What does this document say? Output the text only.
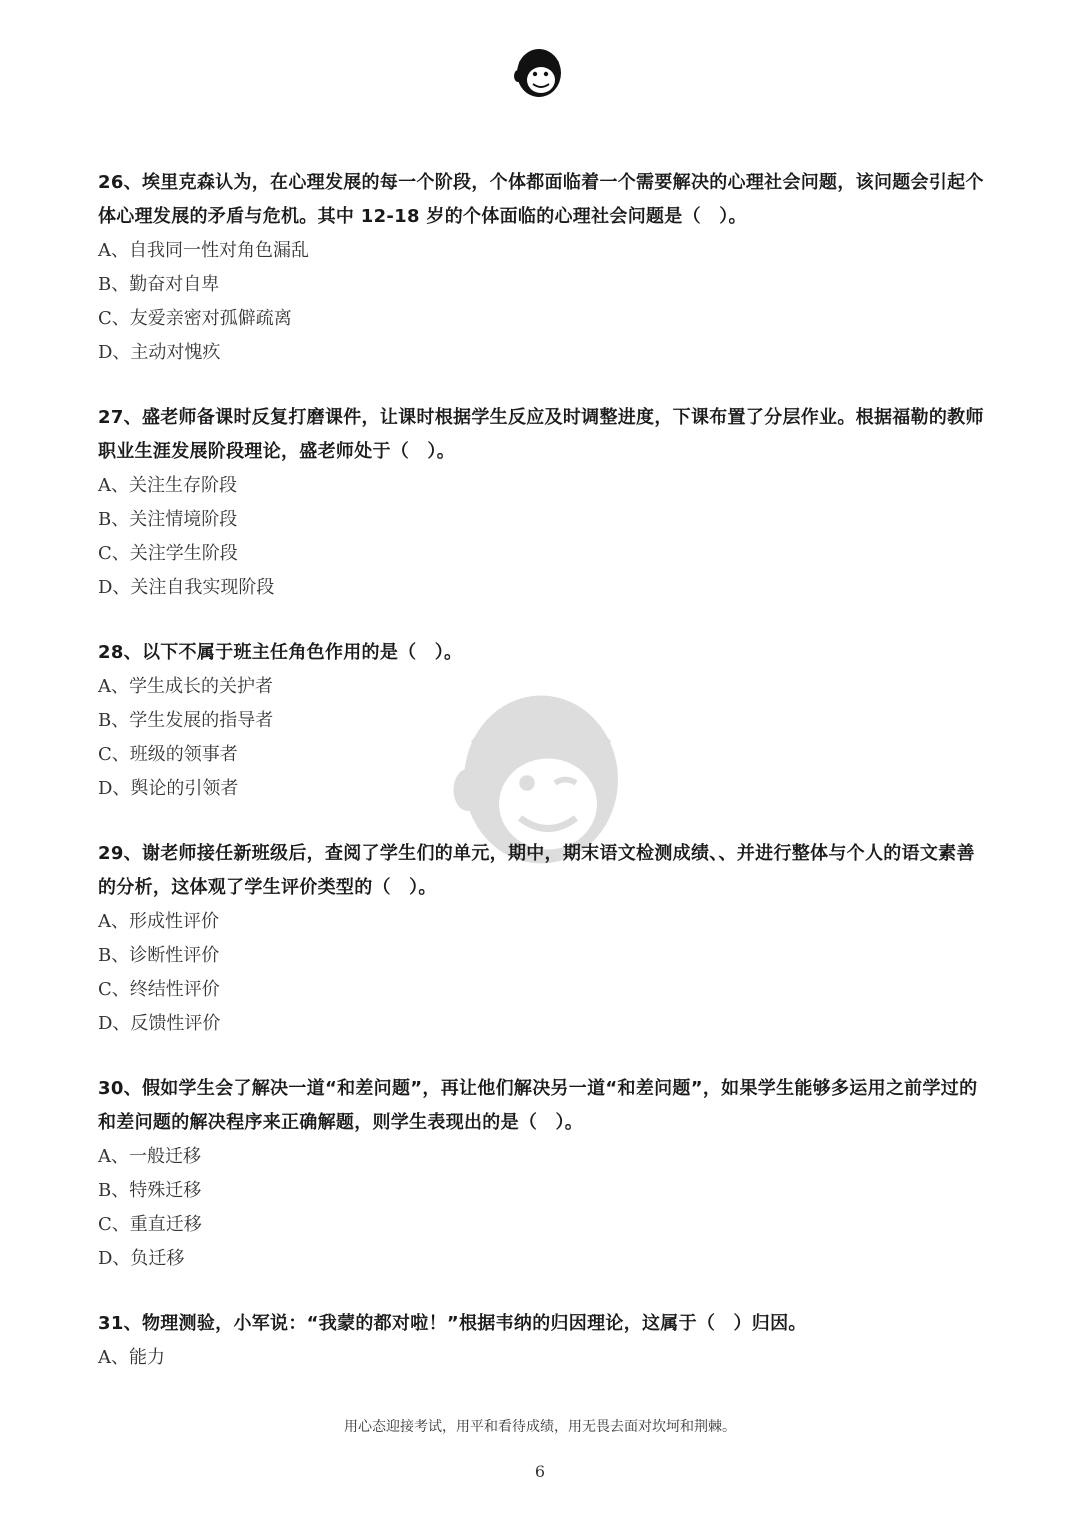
26、埃里克森认为，在心理发展的每一个阶段，个体都面临着一个需要解决的心理社会问题，该问题会引起个体心理发展的矛盾与危机。其中 12-18 岁的个体面临的心理社会问题是（　）。

A、自我同一性对角色漏乱

B、勤奋对自卑

C、友爱亲密对孤僻疏离

D、主动对愧疚

27、盛老师备课时反复打磨课件，让课时根据学生反应及时调整进度，下课布置了分层作业。根据福勒的教师职业生涯发展阶段理论，盛老师处于（　）。

A、关注生存阶段

B、关注情境阶段

C、关注学生阶段

D、关注自我实现阶段

28、以下不属于班主任角色作用的是（　）。

A、学生成长的关护者

B、学生发展的指导者

C、班级的领事者

D、舆论的引领者

29、谢老师接任新班级后，查阅了学生们的单元，期中，期末语文检测成绩、、并进行整体与个人的语文素善的分析，这体观了学生评价类型的（　）。

A、形成性评价

B、诊断性评价

C、终结性评价

D、反馈性评价

30、假如学生会了解决一道“和差问题”，再让他们解决另一道“和差问题”，如果学生能够多运用之前学过的和差问题的解决程序来正确解题，则学生表现出的是（　）。

A、一般迁移

B、特殊迁移

C、重直迁移

D、负迁移

31、物理测验，小军说：“我蒙的都对啦！”根据韦纳的归因理论，这属于（　）归因。

A、能力

用心态迎接考试，用平和看待成绩，用无畏去面对坎坷和荆棘。
6
